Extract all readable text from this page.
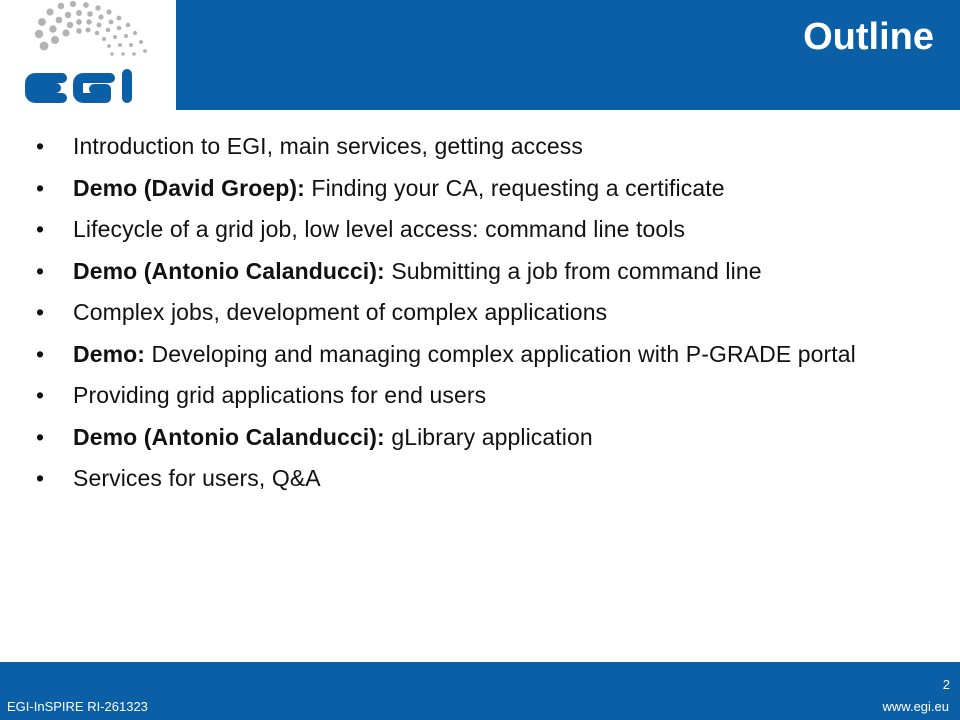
Outline
• Introduction to EGI, main services, getting access
• Demo (David Groep): Finding your CA, requesting a certificate
• Lifecycle of a grid job, low level access: command line tools
• Demo (Antonio Calanducci): Submitting a job from command line
• Complex jobs, development of complex applications
• Demo: Developing and managing complex application with P-GRADE portal
• Providing grid applications for end users
• Demo (Antonio Calanducci): gLibrary application
• Services for users, Q&A
2
EGI-InSPIRE RI-261323	www.egi.eu
